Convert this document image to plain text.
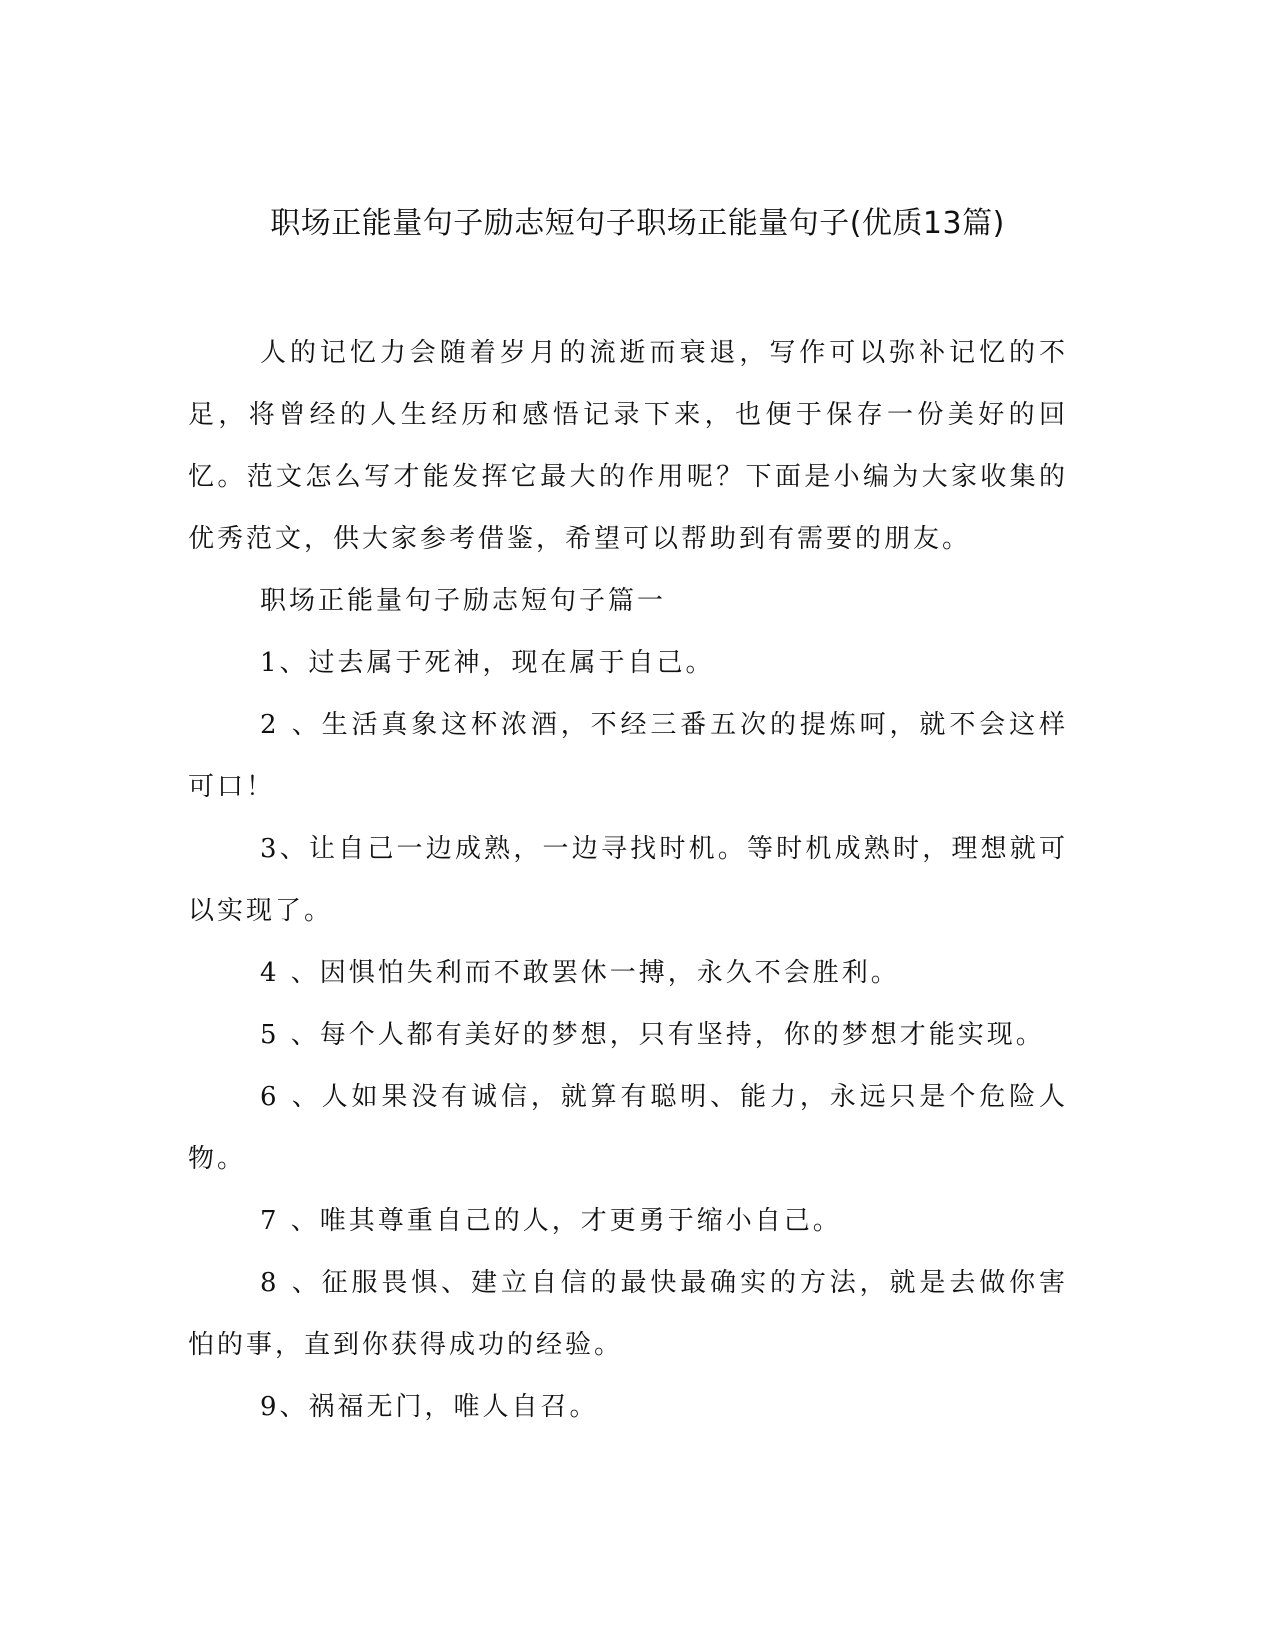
职场正能量句子励志短句子职场正能量句子(优质13篇)

人的记忆力会随着岁月的流逝而衰退，写作可以弥补记忆的不足，将曾经的人生经历和感悟记录下来，也便于保存一份美好的回忆。范文怎么写才能发挥它最大的作用呢？下面是小编为大家收集的优秀范文，供大家参考借鉴，希望可以帮助到有需要的朋友。

职场正能量句子励志短句子篇一

1、过去属于死神，现在属于自己。

2 、生活真象这杯浓酒，不经三番五次的提炼呵，就不会这样可口！

3、让自己一边成熟，一边寻找时机。等时机成熟时，理想就可以实现了。

4 、因惧怕失利而不敢罢休一搏，永久不会胜利。

5 、每个人都有美好的梦想，只有坚持，你的梦想才能实现。

6 、人如果没有诚信，就算有聪明、能力，永远只是个危险人物。

7 、唯其尊重自己的人，才更勇于缩小自己。

8 、征服畏惧、建立自信的最快最确实的方法，就是去做你害怕的事，直到你获得成功的经验。

9、祸福无门，唯人自召。
